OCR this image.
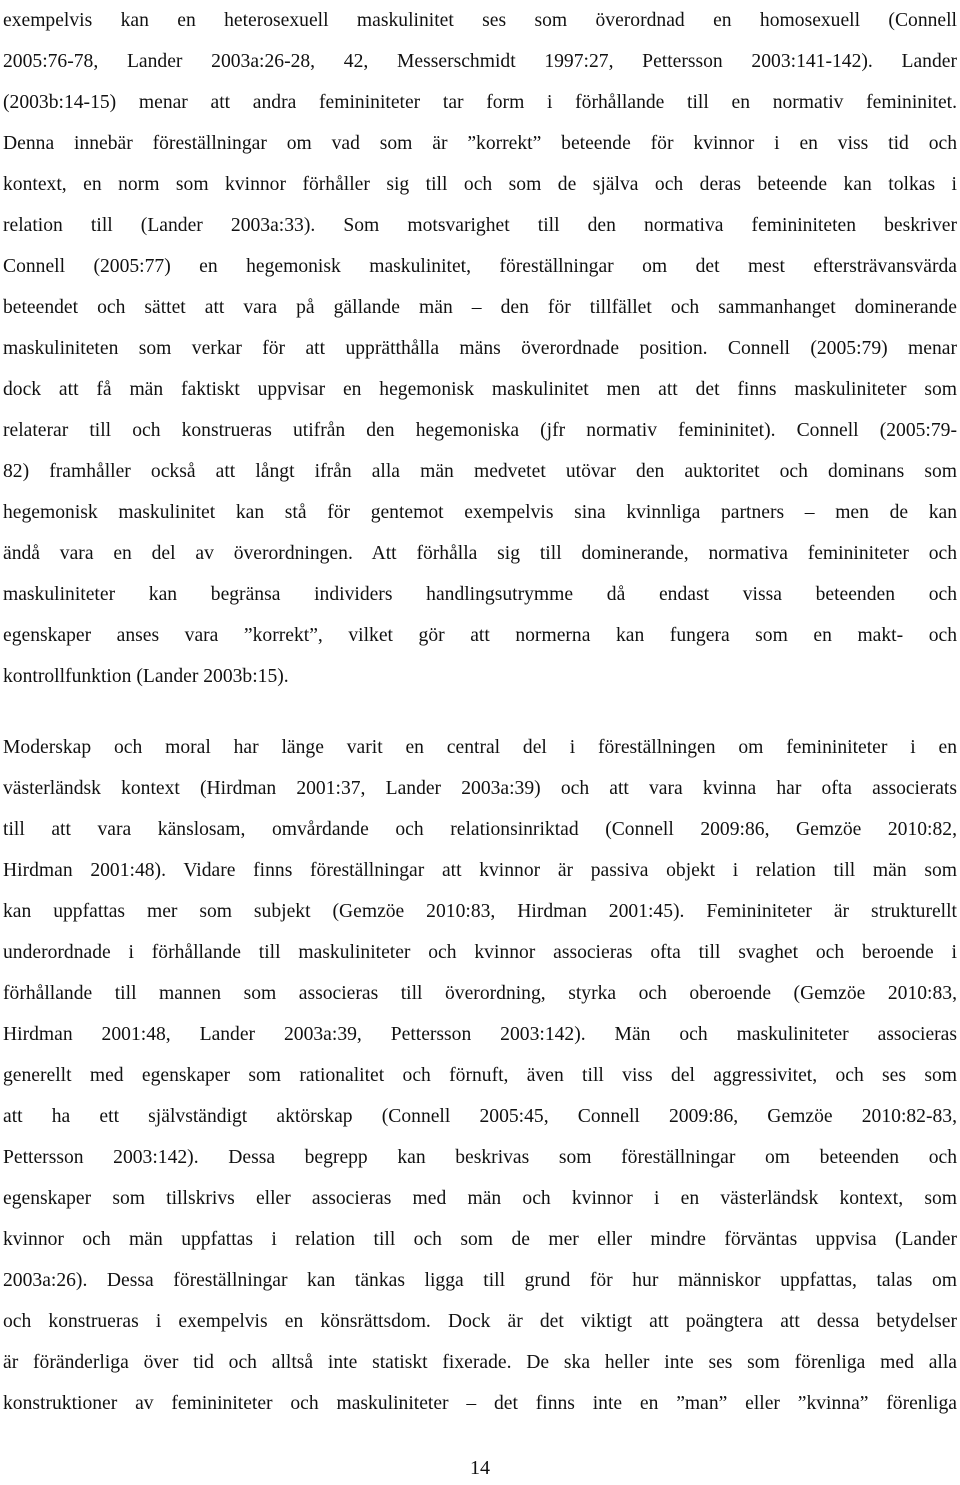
exempelvis kan en heterosexuell maskulinitet ses som överordnad en homosexuell (Connell
2005:76-78, Lander 2003a:26-28, 42, Messerschmidt 1997:27, Pettersson 2003:141-142). Lander
(2003b:14-15) menar att andra femininiteter tar form i förhållande till en normativ femininitet.
Denna innebär föreställningar om vad som är ”korrekt” beteende för kvinnor i en viss tid och
kontext, en norm som kvinnor förhåller sig till och som de själva och deras beteende kan tolkas i
relation till (Lander 2003a:33). Som motsvarighet till den normativa femininiteten beskriver
Connell (2005:77) en hegemonisk maskulinitet, föreställningar om det mest eftersträvansvärda
beteendet och sättet att vara på gällande män – den för tillfället och sammanhanget dominerande
maskuliniteten som verkar för att upprätthålla mäns överordnade position. Connell (2005:79) menar
dock att få män faktiskt uppvisar en hegemonisk maskulinitet men att det finns maskuliniteter som
relaterar till och konstrueras utifrån den hegemoniska (jfr normativ femininitet). Connell (2005:79-
82) framhåller också att långt ifrån alla män medvetet utövar den auktoritet och dominans som
hegemonisk maskulinitet kan stå för gentemot exempelvis sina kvinnliga partners – men de kan
ändå vara en del av överordningen. Att förhålla sig till dominerande, normativa femininiteter och
maskuliniteter kan begränsa individers handlingsutrymme då endast vissa beteenden och
egenskaper anses vara ”korrekt”, vilket gör att normerna kan fungera som en makt- och
kontrollfunktion (Lander 2003b:15).
Moderskap och moral har länge varit en central del i föreställningen om femininiteter i en
västerländsk kontext (Hirdman 2001:37, Lander 2003a:39) och att vara kvinna har ofta associerats
till att vara känslosam, omvårdande och relationsinriktad (Connell 2009:86, Gemzöe 2010:82,
Hirdman 2001:48). Vidare finns föreställningar att kvinnor är passiva objekt i relation till män som
kan uppfattas mer som subjekt (Gemzöe 2010:83, Hirdman 2001:45). Femininiteter är strukturellt
underordnade i förhållande till maskuliniteter och kvinnor associeras ofta till svaghet och beroende i
förhållande till mannen som associeras till överordning, styrka och oberoende (Gemzöe 2010:83,
Hirdman 2001:48, Lander 2003a:39, Pettersson 2003:142). Män och maskuliniteter associeras
generellt med egenskaper som rationalitet och förnuft, även till viss del aggressivitet, och ses som
att ha ett självständigt aktörskap (Connell 2005:45, Connell 2009:86, Gemzöe 2010:82-83,
Pettersson 2003:142). Dessa begrepp kan beskrivas som föreställningar om beteenden och
egenskaper som tillskrivs eller associeras med män och kvinnor i en västerländsk kontext, som
kvinnor och män uppfattas i relation till och som de mer eller mindre förväntas uppvisa (Lander
2003a:26). Dessa föreställningar kan tänkas ligga till grund för hur människor uppfattas, talas om
och konstrueras i exempelvis en könsrättsdom. Dock är det viktigt att poängtera att dessa betydelser
är föränderliga över tid och alltså inte statiskt fixerade. De ska heller inte ses som förenliga med alla
konstruktioner av femininiteter och maskuliniteter – det finns inte en ”man” eller ”kvinna” förenliga
14
